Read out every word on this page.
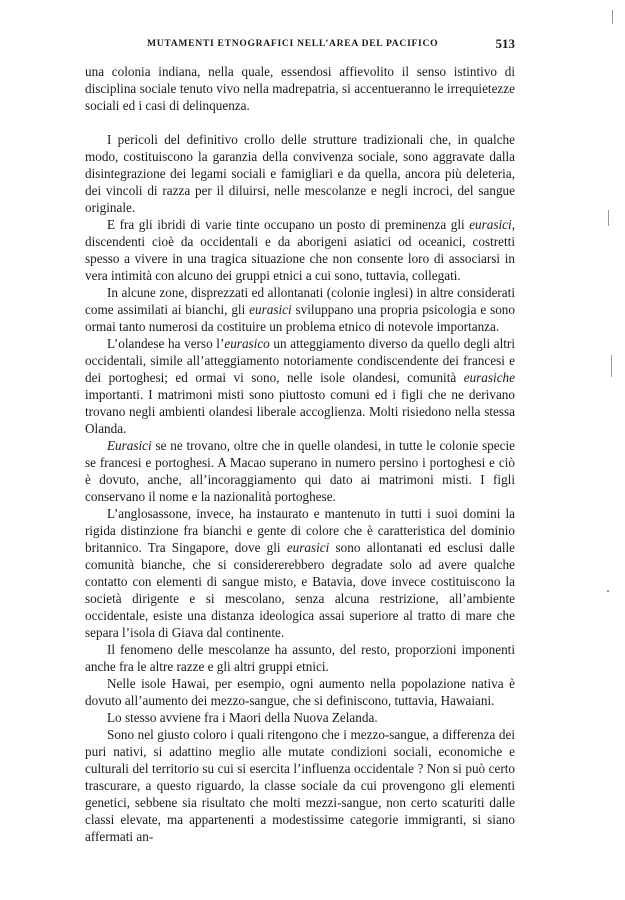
MUTAMENTI ETNOGRAFICI NELL’AREA DEL PACIFICO	513

una colonia indiana, nella quale, essendosi affievolito il senso istintivo di disciplina sociale tenuto vivo nella madrepatria, si accentueranno le irrequietezze sociali ed i casi di delinquenza.

I pericoli del definitivo crollo delle strutture tradizionali che, in qualche modo, costituiscono la garanzia della convivenza sociale, sono aggravate dalla disintegrazione dei legami sociali e famigliari e da quella, ancora più deleteria, dei vincoli di razza per il diluirsi, nelle mescolanze e negli incroci, del sangue originale.

E fra gli ibridi di varie tinte occupano un posto di preminenza gli eurasici, discendenti cioè da occidentali e da aborigeni asiatici od oceanici, costretti spesso a vivere in una tragica situazione che non consente loro di associarsi in vera intimità con alcuno dei gruppi etnici a cui sono, tuttavia, collegati.

In alcune zone, disprezzati ed allontanati (colonie inglesi) in altre considerati come assimilati ai bianchi, gli eurasici sviluppano una propria psicologia e sono ormai tanto numerosi da costituire un problema etnico di notevole importanza.

L’olandese ha verso l’eurasico un atteggiamento diverso da quello degli altri occidentali, simile all’atteggiamento notoriamente condiscendente dei francesi e dei portoghesi; ed ormai vi sono, nelle isole olandesi, comunità eurasiche importanti. I matrimoni misti sono piuttosto comuni ed i figli che ne derivano trovano negli ambienti olandesi liberale accoglienza. Molti risiedono nella stessa Olanda.

Eurasici se ne trovano, oltre che in quelle olandesi, in tutte le colonie specie se francesi e portoghesi. A Macao superano in numero persino i portoghesi e ciò è dovuto, anche, all’incoraggiamento qui dato ai matrimoni misti. I figli conservano il nome e la nazionalità portoghese.

L’anglosassone, invece, ha instaurato e mantenuto in tutti i suoi domini la rigida distinzione fra bianchi e gente di colore che è caratteristica del dominio britannico. Tra Singapore, dove gli eurasici sono allontanati ed esclusi dalle comunità bianche, che si considererebbero degradate solo ad avere qualche contatto con elementi di sangue misto, e Batavia, dove invece costituiscono la società dirigente e si mescolano, senza alcuna restrizione, all’ambiente occidentale, esiste una distanza ideologica assai superiore al tratto di mare che separa l’isola di Giava dal continente.

Il fenomeno delle mescolanze ha assunto, del resto, proporzioni imponenti anche fra le altre razze e gli altri gruppi etnici.

Nelle isole Hawai, per esempio, ogni aumento nella popolazione nativa è dovuto all’aumento dei mezzo-sangue, che si definiscono, tuttavia, Hawaiani.

Lo stesso avviene fra i Maori della Nuova Zelanda.

Sono nel giusto coloro i quali ritengono che i mezzo-sangue, a differenza dei puri nativi, si adattino meglio alle mutate condizioni sociali, economiche e culturali del territorio su cui si esercita l’influenza occidentale ? Non si può certo trascurare, a questo riguardo, la classe sociale da cui provengono gli elementi genetici, sebbene sia risultato che molti mezzi-sangue, non certo scaturiti dalle classi elevate, ma appartenenti a modestissime categorie immigranti, si siano affermati an-
